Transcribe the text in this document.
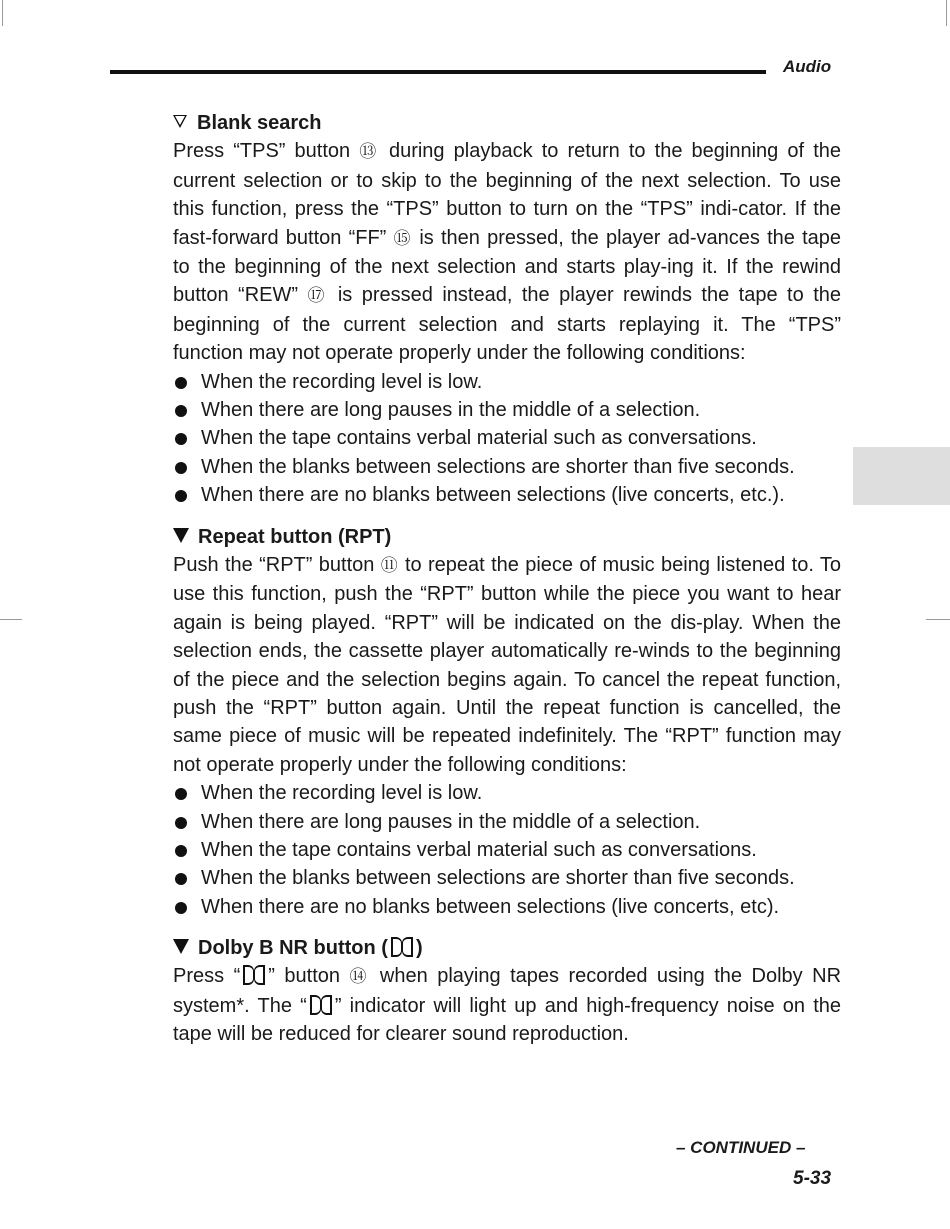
Audio

Blank search

Press “TPS” button ⑬ during playback to return to the beginning of the current selection or to skip to the beginning of the next selection. To use this function, press the “TPS” button to turn on the “TPS” indi-cator. If the fast-forward button “FF” ⑮ is then pressed, the player ad-vances the tape to the beginning of the next selection and starts play-ing it. If the rewind button “REW” ⑰ is pressed instead, the player rewinds the tape to the beginning of the current selection and starts replaying it. The “TPS” function may not operate properly under the following conditions:

When the recording level is low.
When there are long pauses in the middle of a selection.
When the tape contains verbal material such as conversations.
When the blanks between selections are shorter than five seconds.
When there are no blanks between selections (live concerts, etc.).

Repeat button (RPT)

Push the “RPT” button ⑪ to repeat the piece of music being listened to. To use this function, push the “RPT” button while the piece you want to hear again is being played. “RPT” will be indicated on the dis-play. When the selection ends, the cassette player automatically re-winds to the beginning of the piece and the selection begins again. To cancel the repeat function, push the “RPT” button again. Until the repeat function is cancelled, the same piece of music will be repeated indefinitely. The “RPT” function may not operate properly under the following conditions:

When the recording level is low.
When there are long pauses in the middle of a selection.
When the tape contains verbal material such as conversations.
When the blanks between selections are shorter than five seconds.
When there are no blanks between selections (live concerts, etc).

Dolby B NR button ( )

Press “ ” button ⑭ when playing tapes recorded using the Dolby NR system*. The “ ” indicator will light up and high-frequency noise on the tape will be reduced for clearer sound reproduction.

– CONTINUED –
5-33
